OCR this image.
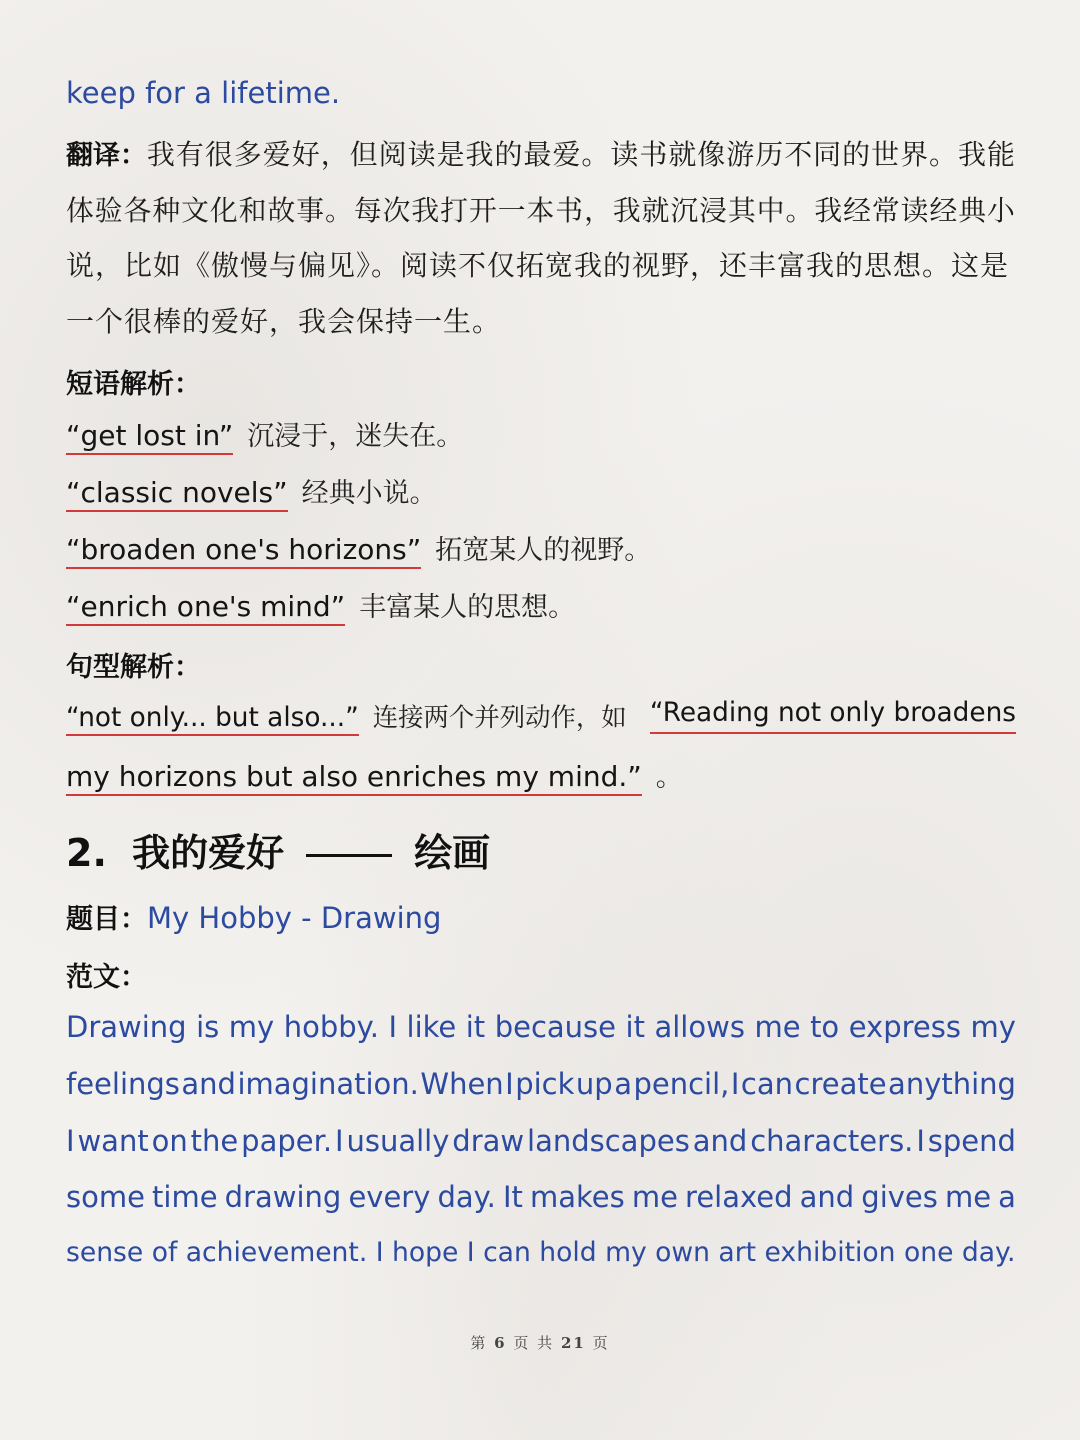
keep for a lifetime.
翻译：我有很多爱好，但阅读是我的最爱。读书就像游历不同的世界。我能
体验各种文化和故事。每次我打开一本书，我就沉浸其中。我经常读经典小
说，比如《傲慢与偏见》。阅读不仅拓宽我的视野，还丰富我的思想。这是
一个很棒的爱好，我会保持一生。
短语解析：
“get lost in” 沉浸于，迷失在。
“classic novels” 经典小说。
“broaden one's horizons” 拓宽某人的视野。
“enrich one's mind” 丰富某人的思想。
句型解析：
“not only... but also...” 连接两个并列动作，如 “Reading not only broadens
my horizons but also enriches my mind.” 。
2. 我的爱好	绘画
题目：My Hobby - Drawing
范文：
Drawing is my hobby. I like it because it allows me to express my
feelings and imagination. When I pick up a pencil, I can create anything
I want on the paper. I usually draw landscapes and characters. I spend
some time drawing every day. It makes me relaxed and gives me a
sense of achievement. I hope I can hold my own art exhibition one day.
第 6 页 共 21 页
